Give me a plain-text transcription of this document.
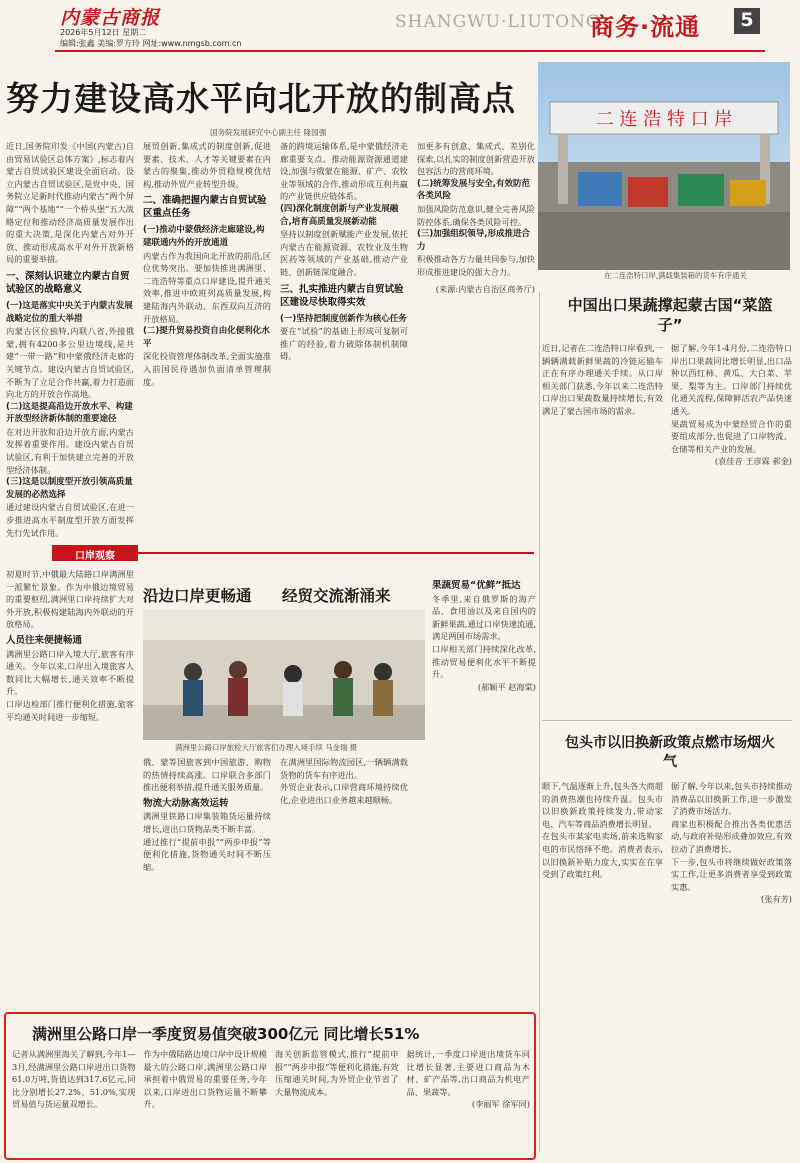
内蒙古商报
2026年5月12日 星期二
编辑:张鑫 美编:罗方玲 网址:www.nmgsb.com.cn
SHANGWU·LIUTONG
商务·流通	5
努力建设高水平向北开放的制高点
国务院发展研究中心副主任 隆国强
二 连 浩 特 口 岸
在二连浩特口岸,满载集装箱的货车有序通关

近日,国务院印发《中国(内蒙古)自由贸易试验区总体方案》,标志着内蒙古自贸试验区建设全面启动。设立内蒙古自贸试验区,是党中央、国务院立足新时代推动内蒙古“两个屏障”“两个基地”“一个桥头堡”五大战略定位和推动经济高质量发展作出的重大决策,是深化内蒙古对外开放、推动形成高水平对外开放新格局的重要举措。

一、深刻认识建立内蒙古自贸试验区的战略意义

(一)这是落实中央关于内蒙古发展战略定位的重大举措

内蒙古区位独特,内联八省,外接俄蒙,拥有4200多公里边境线,是共建“一带一路”和中蒙俄经济走廊的关键节点。建设内蒙古自贸试验区,不断为了立足合作共赢,着力打造面向北方的开放合作高地。

(二)这是提高沿边开放水平、构建开放型经济新体制的重要途径

在对边开放和沿边开放方面,内蒙古发挥着重要作用。建设内蒙古自贸试验区,有利于加快建立完善的开放型经济体制。

(三)这是以制度型开放引领高质量发展的必然选择

通过建设内蒙古自贸试验区,在进一步推进高水平制度型开放方面发挥先行先试作用。

展贸创新,集成式的制度创新,促进要素、技术、人才等关键要素在内蒙古的聚集,推动外贸稳规模优结构,推动外贸产业转型升级。

二、准确把握内蒙古自贸试验区重点任务

(一)推动中蒙俄经济走廊建设,构建联通内外的开放通道

内蒙古作为我国向北开放的前沿,区位优势突出。要加快推进满洲里、二连浩特等重点口岸建设,提升通关效率,推进中欧班列高质量发展,构建陆海内外联动、东西双向互济的开放格局。

(二)提升贸易投资自由化便利化水平

深化投资管理体制改革,全面实施准入前国民待遇加负面清单管理制度。

备的跨境运输体系,是中蒙俄经济走廊重要支点。推动能源资源通道建设,加强与俄蒙在能源、矿产、农牧业等领域的合作,推动形成互利共赢的产业链供应链体系。

(四)深化制度创新与产业发展融合,培育高质量发展新动能

坚持以制度创新赋能产业发展,依托内蒙古在能源资源、农牧业及生物医药等领域的产业基础,推动产业链、创新链深度融合。

三、扎实推进内蒙古自贸试验区建设尽快取得实效

(一)坚持把制度创新作为核心任务

要在“试验”的基础上形成可复制可推广的经验,着力破除体制机制障碍。

加更多有创意、集成式、差别化探索,以扎实的制度创新营造开放包容活力的营商环境。

(二)统筹发展与安全,有效防范各类风险

加强风险防范意识,健全完善风险防控体系,确保各类风险可控。

(三)加强组织领导,形成推进合力

积极推动各方力量共同参与,加快形成推进建设的强大合力。

(来源:内蒙古自治区商务厅)

中国出口果蔬撑起蒙古国“菜篮子”

近日,记者在二连浩特口岸看到,一辆辆满载新鲜果蔬的冷链运输车正在有序办理通关手续。从口岸相关部门获悉,今年以来二连浩特口岸出口果蔬数量持续增长,有效满足了蒙古国市场的需求。

据了解,今年1-4月份,二连浩特口岸出口果蔬同比增长明显,出口品种以西红柿、黄瓜、大白菜、苹果、梨等为主。口岸部门持续优化通关流程,保障鲜活农产品快速通关。

果蔬贸易成为中蒙经贸合作的重要组成部分,也促进了口岸物流、仓储等相关产业的发展。

(袁佳音 王彦霖 郝金)

口岸观察

初夏时节,中俄最大陆路口岸满洲里一派繁忙景象。作为中俄边境贸易的重要枢纽,满洲里口岸持续扩大对外开放,积极构建陆海内外联动的开放格局。

人员往来便捷畅通

满洲里公路口岸入境大厅,旅客有序通关。今年以来,口岸出入境旅客人数同比大幅增长,通关效率不断提升。

口岸边检部门推行便利化措施,旅客平均通关时间进一步缩短。

沿边口岸更畅通 经贸交流渐涌来
满洲里公路口岸旅检大厅旅客们办理入境手续 马金瑞 摄

俄、蒙等国旅客到中国旅游、购物的热情持续高涨。口岸联合多部门推出便利举措,提升通关服务质量。

物流大动脉高效运转

满洲里铁路口岸集装箱货运量持续增长,进出口货物品类不断丰富。

通过推行“提前申报”“两步申报”等便利化措施,货物通关时间不断压缩。

在满洲里国际物流园区,一辆辆满载货物的货车有序进出。

外贸企业表示,口岸营商环境持续优化,企业进出口业务越来越顺畅。

果蔬贸易“优鲜”抵达

冬季里,来自俄罗斯的海产品、食用油以及来自国内的新鲜果蔬,通过口岸快速流通,满足两国市场需求。

口岸相关部门持续深化改革,推动贸易便利化水平不断提升。

(郝颖平 赵海棠)

包头市以旧换新政策点燃市场烟火气

眼下,气温逐渐上升,包头各大商超的消费热潮也持续升温。包头市以旧换新政策持续发力,带动家电、汽车等商品消费增长明显。

在包头市某家电卖场,前来选购家电的市民络绎不绝。消费者表示,以旧换新补贴力度大,实实在在享受到了政策红利。

据了解,今年以来,包头市持续推动消费品以旧换新工作,进一步激发了消费市场活力。

商家也积极配合推出各类优惠活动,与政府补贴形成叠加效应,有效拉动了消费增长。

下一步,包头市将继续做好政策落实工作,让更多消费者享受到政策实惠。

(张有芳)

满洲里公路口岸一季度贸易值突破300亿元 同比增长51%

记者从满洲里海关了解到,今年1—3月,经满洲里公路口岸进出口货物61.0万吨,货值达到317.6亿元,同比分别增长27.2%、51.0%,实现贸易值与货运量双增长。

作为中俄陆路边境口岸中设计规模最大的公路口岸,满洲里公路口岸承担着中俄贸易的重要任务,今年以来,口岸进出口货物运量不断攀升。

海关创新监管模式,推行“提前申报”“两步申报”等便利化措施,有效压缩通关时间,为外贸企业节省了大量物流成本。

据统计,一季度口岸进出境货车同比增长显著,主要进口商品为木材、矿产品等,出口商品为机电产品、果蔬等。

(李丽军 徐军同)
